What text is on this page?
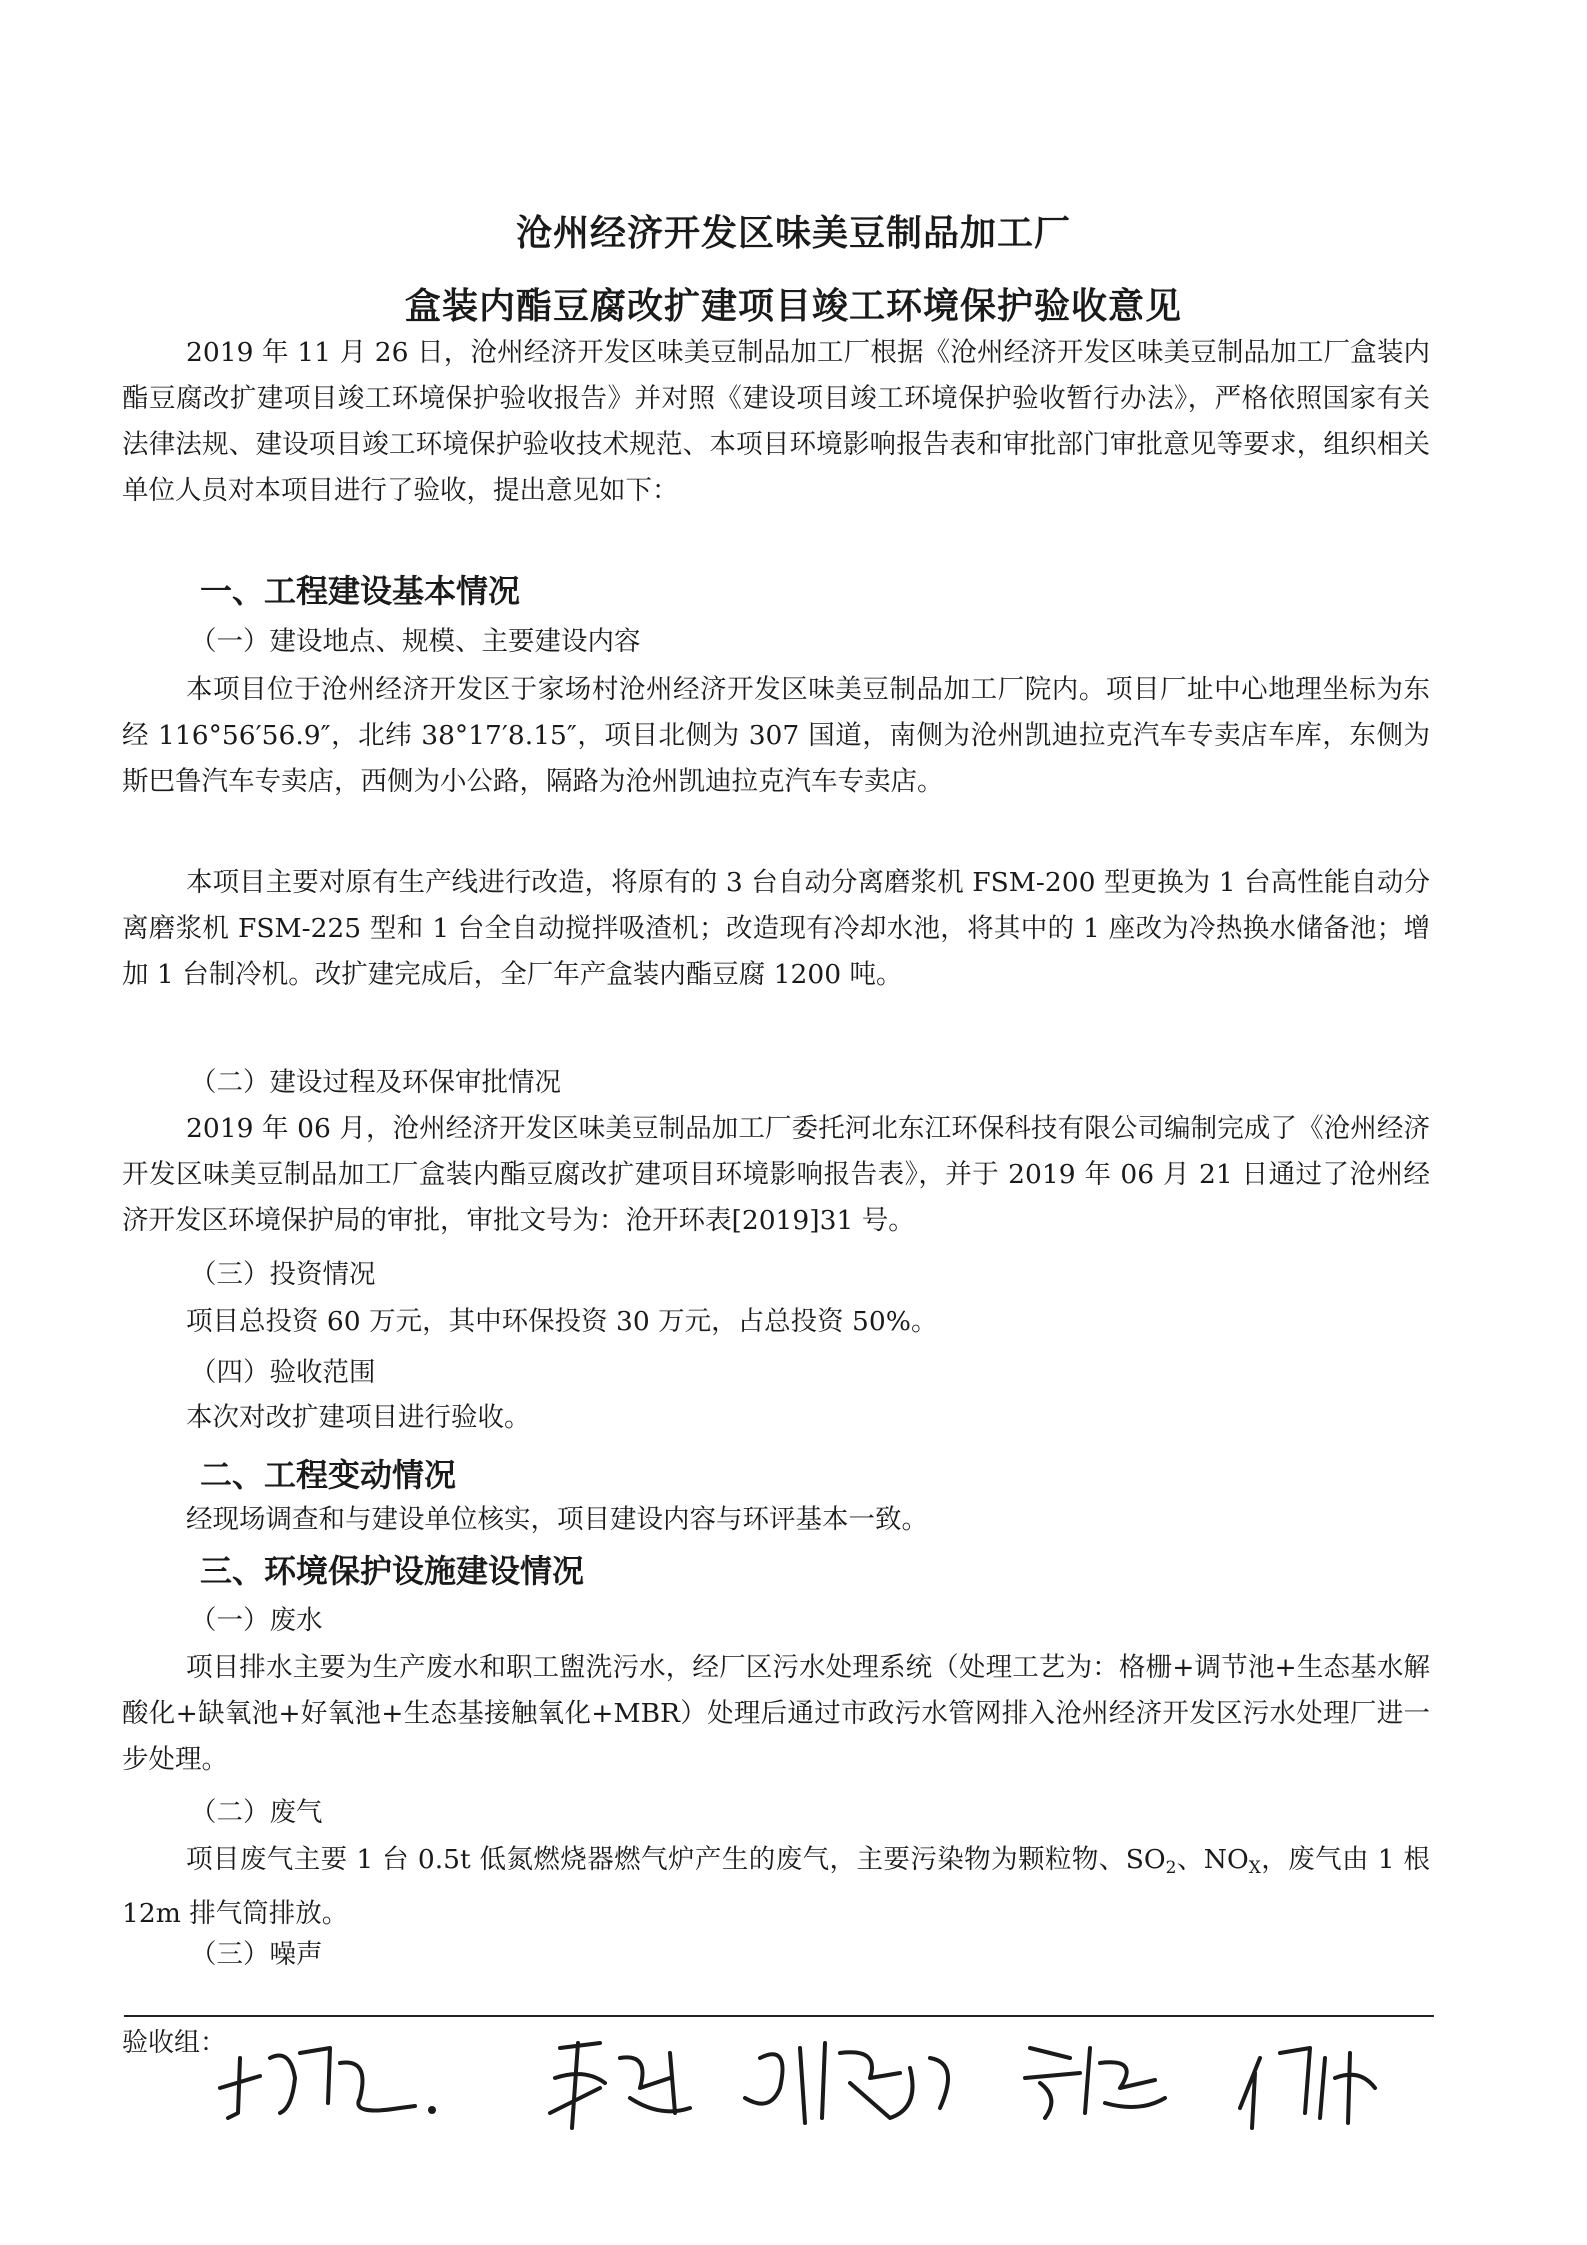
沧州经济开发区味美豆制品加工厂
盒装内酯豆腐改扩建项目竣工环境保护验收意见
2019 年 11 月 26 日，沧州经济开发区味美豆制品加工厂根据《沧州经济开发区味美豆制品加工厂盒装内酯豆腐改扩建项目竣工环境保护验收报告》并对照《建设项目竣工环境保护验收暂行办法》，严格依照国家有关法律法规、建设项目竣工环境保护验收技术规范、本项目环境影响报告表和审批部门审批意见等要求，组织相关单位人员对本项目进行了验收，提出意见如下：
一、工程建设基本情况
（一）建设地点、规模、主要建设内容
本项目位于沧州经济开发区于家场村沧州经济开发区味美豆制品加工厂院内。项目厂址中心地理坐标为东经 116°56′56.9″，北纬 38°17′8.15″，项目北侧为 307 国道，南侧为沧州凯迪拉克汽车专卖店车库，东侧为斯巴鲁汽车专卖店，西侧为小公路，隔路为沧州凯迪拉克汽车专卖店。
本项目主要对原有生产线进行改造，将原有的 3 台自动分离磨浆机 FSM-200 型更换为 1 台高性能自动分离磨浆机 FSM-225 型和 1 台全自动搅拌吸渣机；改造现有冷却水池，将其中的 1 座改为冷热换水储备池；增加 1 台制冷机。改扩建完成后，全厂年产盒装内酯豆腐 1200 吨。
（二）建设过程及环保审批情况
2019 年 06 月，沧州经济开发区味美豆制品加工厂委托河北东江环保科技有限公司编制完成了《沧州经济开发区味美豆制品加工厂盒装内酯豆腐改扩建项目环境影响报告表》，并于 2019 年 06 月 21 日通过了沧州经济开发区环境保护局的审批，审批文号为：沧开环表[2019]31 号。
（三）投资情况
项目总投资 60 万元，其中环保投资 30 万元，占总投资 50%。
（四）验收范围
本次对改扩建项目进行验收。
二、工程变动情况
经现场调查和与建设单位核实，项目建设内容与环评基本一致。
三、环境保护设施建设情况
（一）废水
项目排水主要为生产废水和职工盥洗污水，经厂区污水处理系统（处理工艺为：格栅+调节池+生态基水解酸化+缺氧池+好氧池+生态基接触氧化+MBR）处理后通过市政污水管网排入沧州经济开发区污水处理厂进一步处理。
（二）废气
项目废气主要 1 台 0.5t 低氮燃烧器燃气炉产生的废气，主要污染物为颗粒物、$SO_2$、$NO_X$，废气由 1 根 12m 排气筒排放。
（三）噪声
验收组：
